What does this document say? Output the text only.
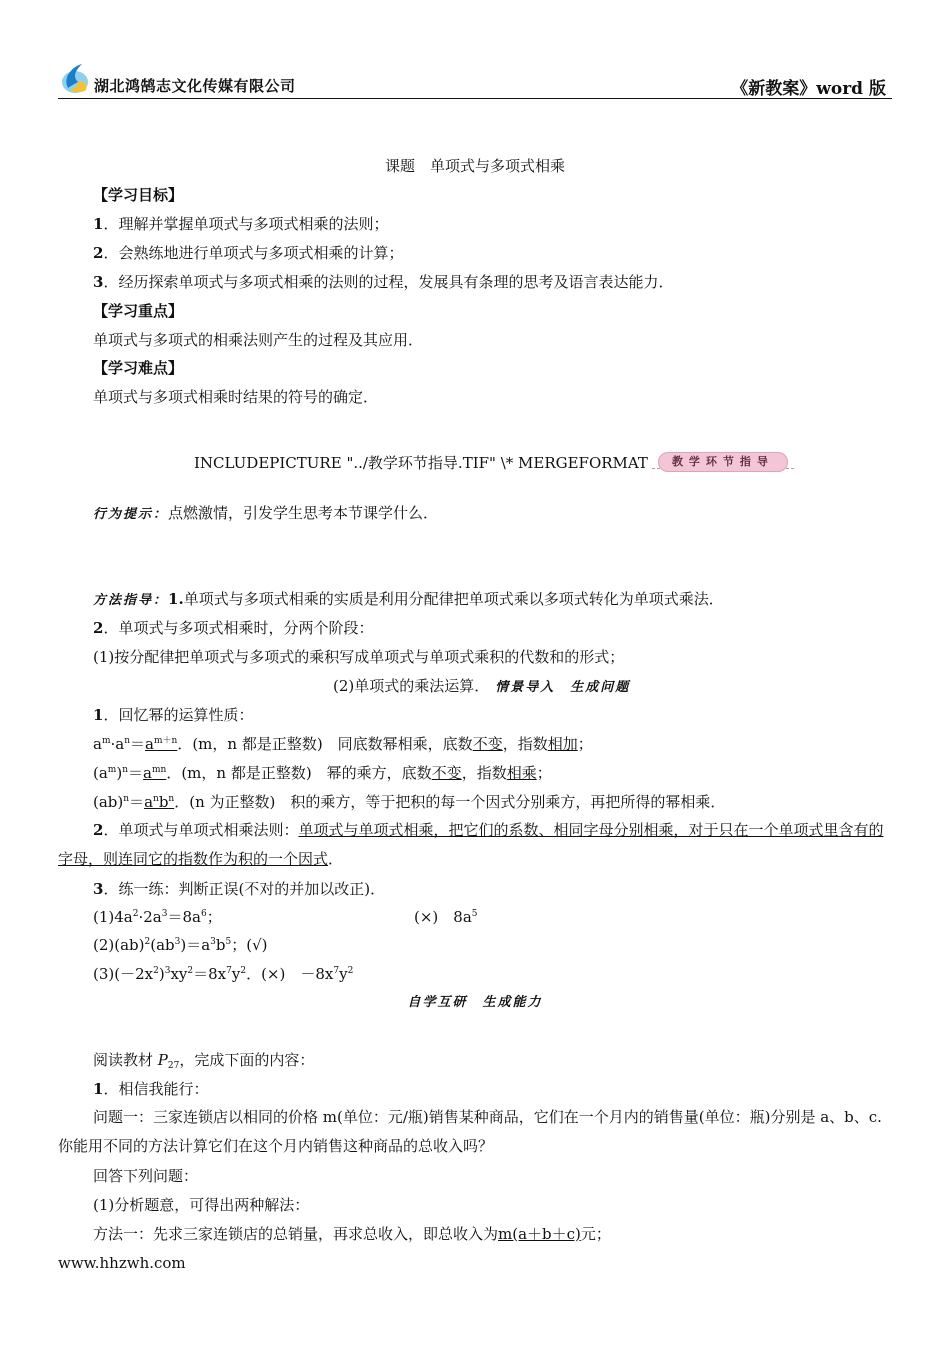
湖北鸿鹄志文化传媒有限公司	《新教案》word 版
课题　单项式与多项式相乘
【学习目标】
1．理解并掌握单项式与多项式相乘的法则；
2．会熟练地进行单项式与多项式相乘的计算；
3．经历探索单项式与多项式相乘的法则的过程，发展具有条理的思考及语言表达能力．
【学习重点】
单项式与多项式的相乘法则产生的过程及其应用．
【学习难点】
单项式与多项式相乘时结果的符号的确定．
INCLUDEPICTURE "../教学环节指导.TIF" \* MERGEFORMAT	教学环节指导
行为提示：点燃激情，引发学生思考本节课学什么．
方法指导：1.单项式与多项式相乘的实质是利用分配律把单项式乘以多项式转化为单项式乘法．
2．单项式与多项式相乘时，分两个阶段：
(1)按分配律把单项式与多项式的乘积写成单项式与单项式乘积的代数和的形式；
(2)单项式的乘法运算． 情景导入　生成问题
1．回忆幂的运算性质：
$a^m\cdot a^n=a^{m+n}$．(m，n 都是正整数)　同底数幂相乘，底数不变，指数相加；
$(a^m)^n=a^{mn}$．(m，n 都是正整数)　幂的乘方，底数不变，指数相乘；
$(ab)^n=a^nb^n$．(n 为正整数)　积的乘方，等于把积的每一个因式分别乘方，再把所得的幂相乘．
2．单项式与单项式相乘法则：单项式与单项式相乘，把它们的系数、相同字母分别相乘，对于只在一个单项式里含有的字母，则连同它的指数作为积的一个因式．
3．练一练：判断正误(不对的并加以改正)．
$(1)4a^2\cdot 2a^3=8a^6$；	(×)　$8a^5$
$(2)(ab)^2(ab^3)=a^3b^5$；(√)
$(3)(-2x^2)^3xy^2=8x^7y^2$．(×)　$-8x^7y^2$
自学互研　生成能力
阅读教材 $P_{27}$，完成下面的内容：
1．相信我能行：
问题一：三家连锁店以相同的价格 m(单位：元/瓶)销售某种商品，它们在一个月内的销售量(单位：瓶)分别是 a、b、c.你能用不同的方法计算它们在这个月内销售这种商品的总收入吗？
回答下列问题：
(1)分析题意，可得出两种解法：
方法一：先求三家连锁店的总销量，再求总收入，即总收入为m(a＋b＋c)元；
www.hhzwh.com
